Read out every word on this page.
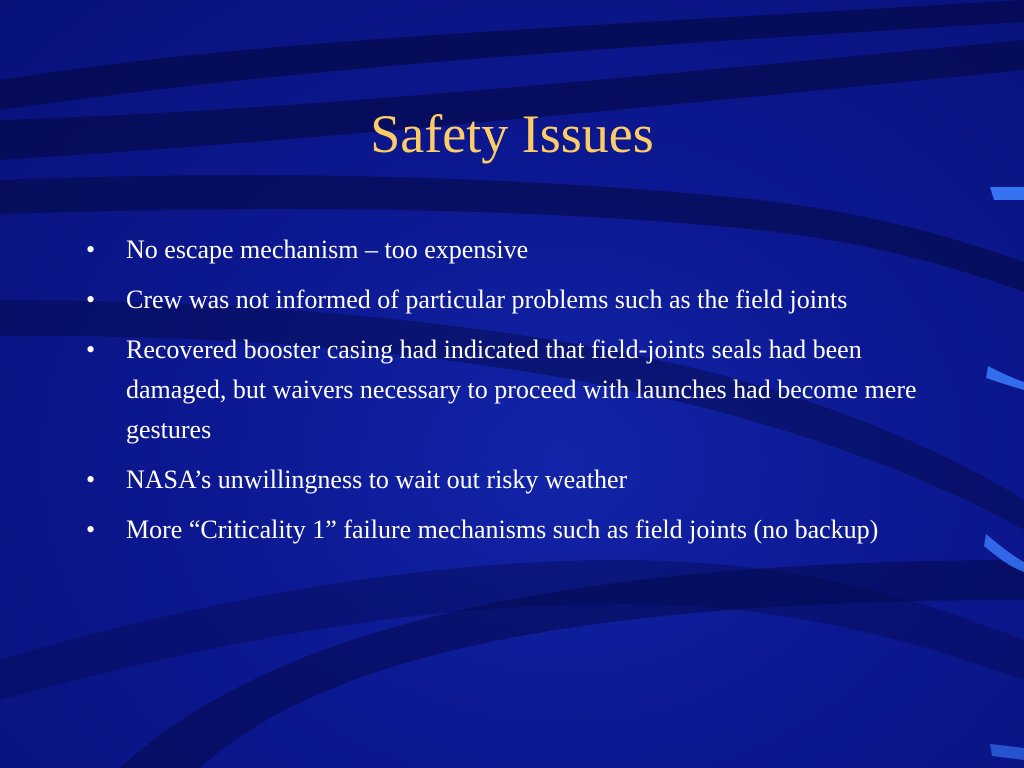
Safety Issues
• No escape mechanism – too expensive
• Crew was not informed of particular problems such as the field joints
• Recovered booster casing had indicated that field-joints seals had been damaged, but waivers necessary to proceed with launches had become mere gestures
• NASA’s unwillingness to wait out risky weather
• More “Criticality 1” failure mechanisms such as field joints (no backup)
